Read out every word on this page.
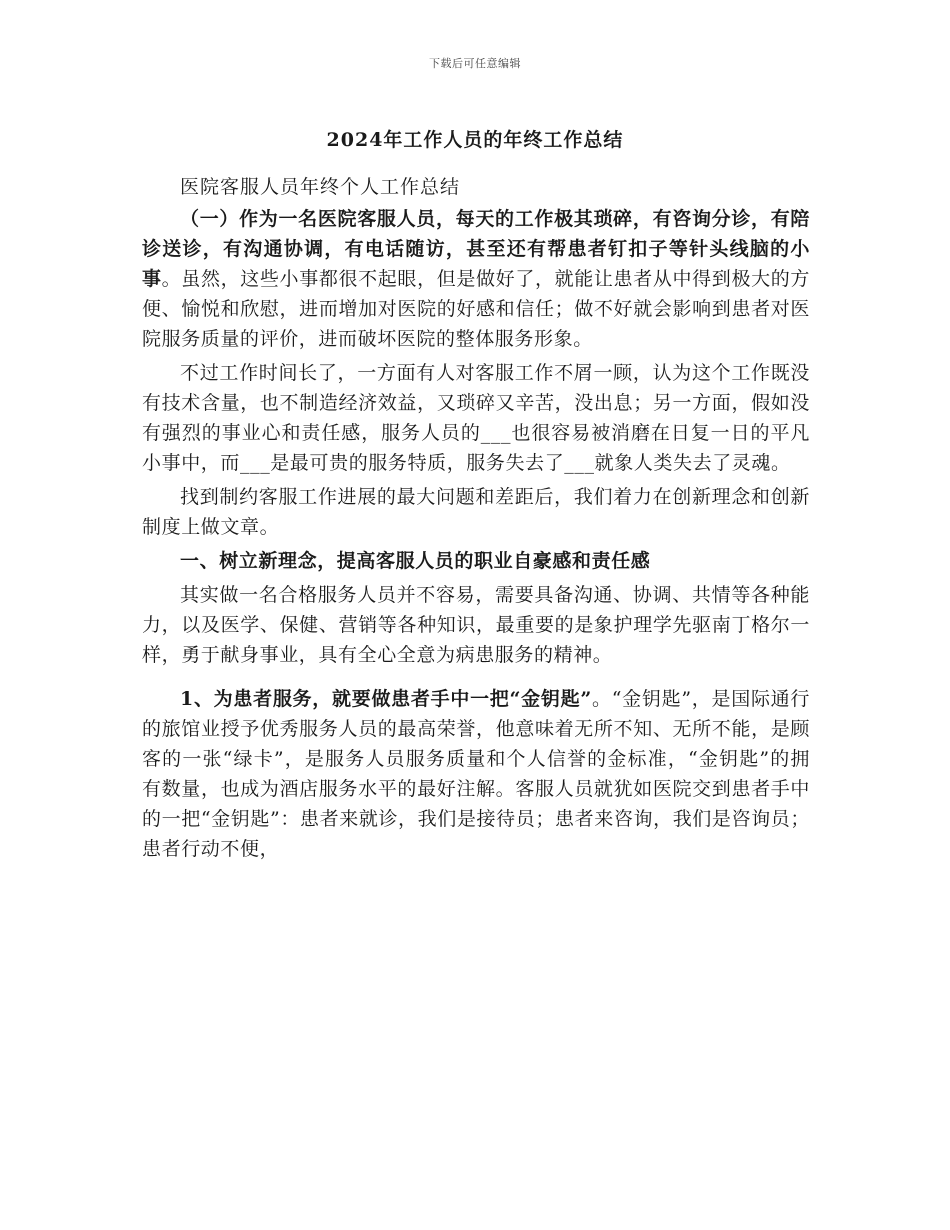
下载后可任意编辑
2024年工作人员的年终工作总结

医院客服人员年终个人工作总结

（一）作为一名医院客服人员，每天的工作极其琐碎，有咨询分诊，有陪诊送诊，有沟通协调，有电话随访，甚至还有帮患者钉扣子等针头线脑的小事。虽然，这些小事都很不起眼，但是做好了，就能让患者从中得到极大的方便、愉悦和欣慰，进而增加对医院的好感和信任；做不好就会影响到患者对医院服务质量的评价，进而破坏医院的整体服务形象。

不过工作时间长了，一方面有人对客服工作不屑一顾，认为这个工作既没有技术含量，也不制造经济效益，又琐碎又辛苦，没出息；另一方面，假如没有强烈的事业心和责任感，服务人员的___也很容易被消磨在日复一日的平凡小事中，而___是最可贵的服务特质，服务失去了___就象人类失去了灵魂。

找到制约客服工作进展的最大问题和差距后，我们着力在创新理念和创新制度上做文章。

一、树立新理念，提高客服人员的职业自豪感和责任感

其实做一名合格服务人员并不容易，需要具备沟通、协调、共情等各种能力，以及医学、保健、营销等各种知识，最重要的是象护理学先驱南丁格尔一样，勇于献身事业，具有全心全意为病患服务的精神。

1、为患者服务，就要做患者手中一把“金钥匙”。“金钥匙”，是国际通行的旅馆业授予优秀服务人员的最高荣誉，他意味着无所不知、无所不能，是顾客的一张“绿卡”，是服务人员服务质量和个人信誉的金标准，“金钥匙”的拥有数量，也成为酒店服务水平的最好注解。客服人员就犹如医院交到患者手中的一把“金钥匙”：患者来就诊，我们是接待员；患者来咨询，我们是咨询员；患者行动不便，
